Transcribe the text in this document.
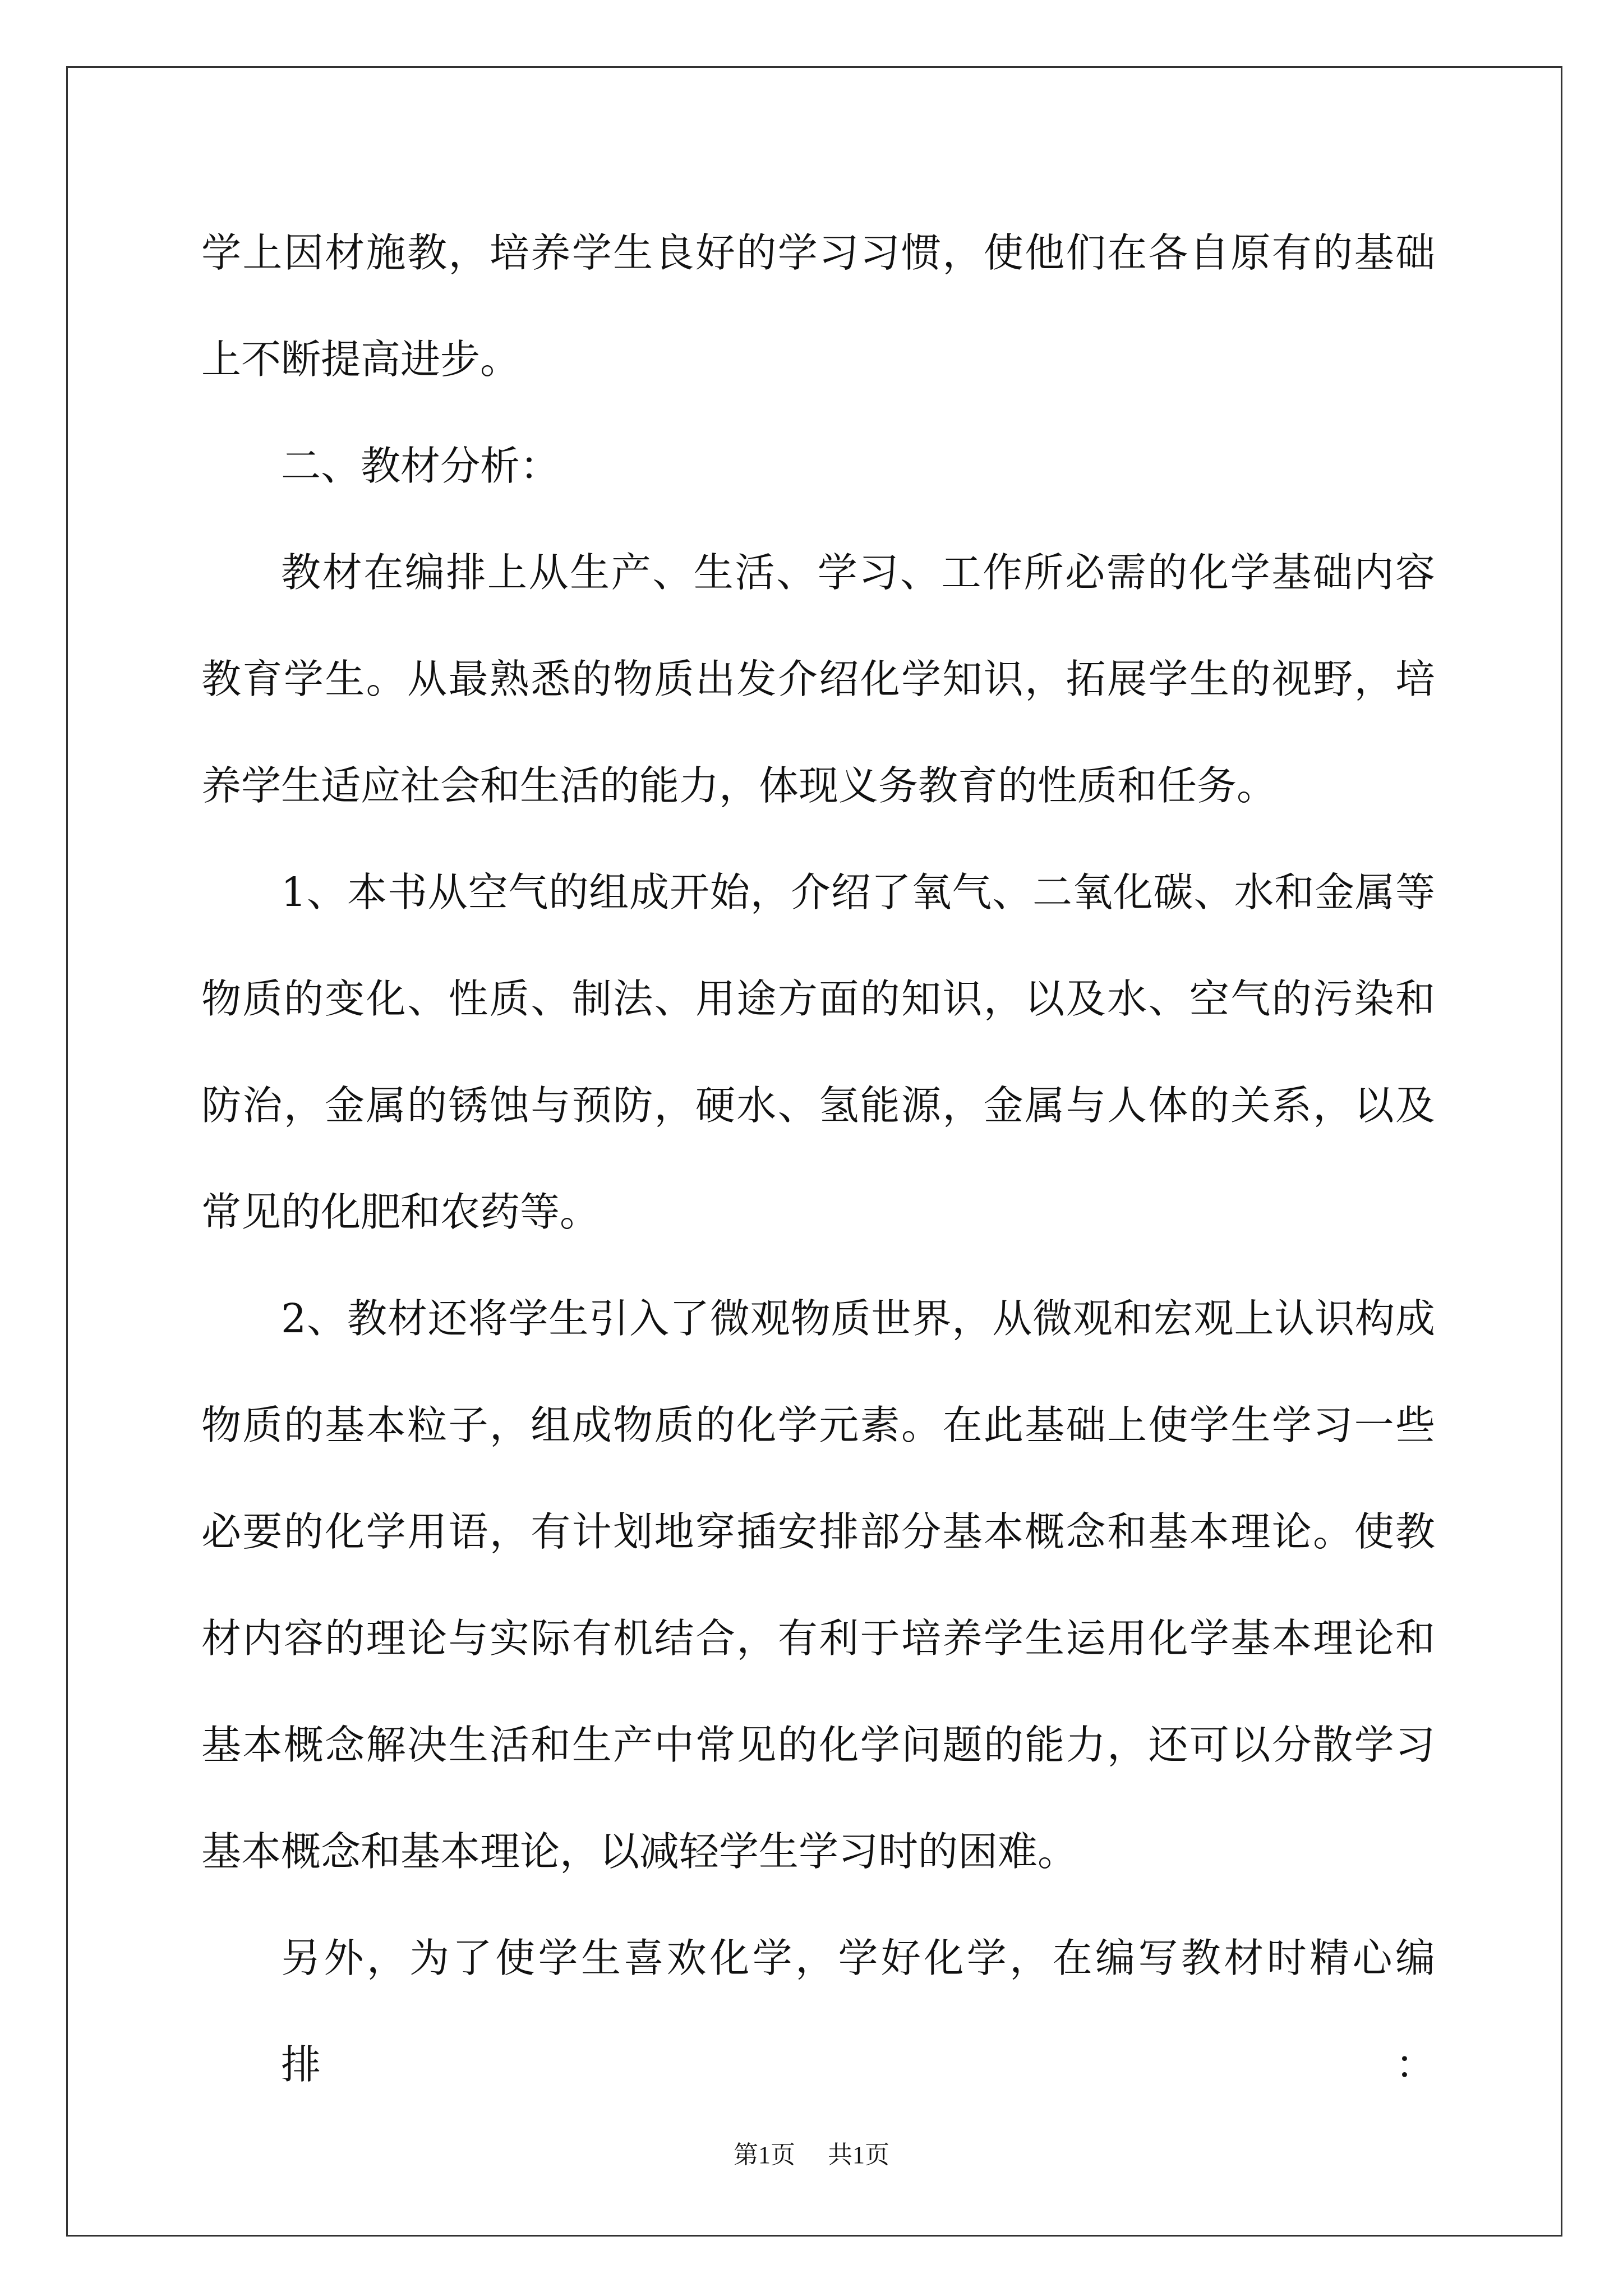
学上因材施教，培养学生良好的学习习惯，使他们在各自原有的基础
上不断提高进步。
二、教材分析：
教材在编排上从生产、生活、学习、工作所必需的化学基础内容
教育学生。从最熟悉的物质出发介绍化学知识，拓展学生的视野，培
养学生适应社会和生活的能力，体现义务教育的性质和任务。
1、本书从空气的组成开始，介绍了氧气、二氧化碳、水和金属等
物质的变化、性质、制法、用途方面的知识，以及水、空气的污染和
防治，金属的锈蚀与预防，硬水、氢能源，金属与人体的关系，以及
常见的化肥和农药等。
2、教材还将学生引入了微观物质世界，从微观和宏观上认识构成
物质的基本粒子，组成物质的化学元素。在此基础上使学生学习一些
必要的化学用语，有计划地穿插安排部分基本概念和基本理论。使教
材内容的理论与实际有机结合，有利于培养学生运用化学基本理论和
基本概念解决生活和生产中常见的化学问题的能力，还可以分散学习
基本概念和基本理论，以减轻学生学习时的困难。
另外，为了使学生喜欢化学，学好化学，在编写教材时精心编排：
第1页 共1页
